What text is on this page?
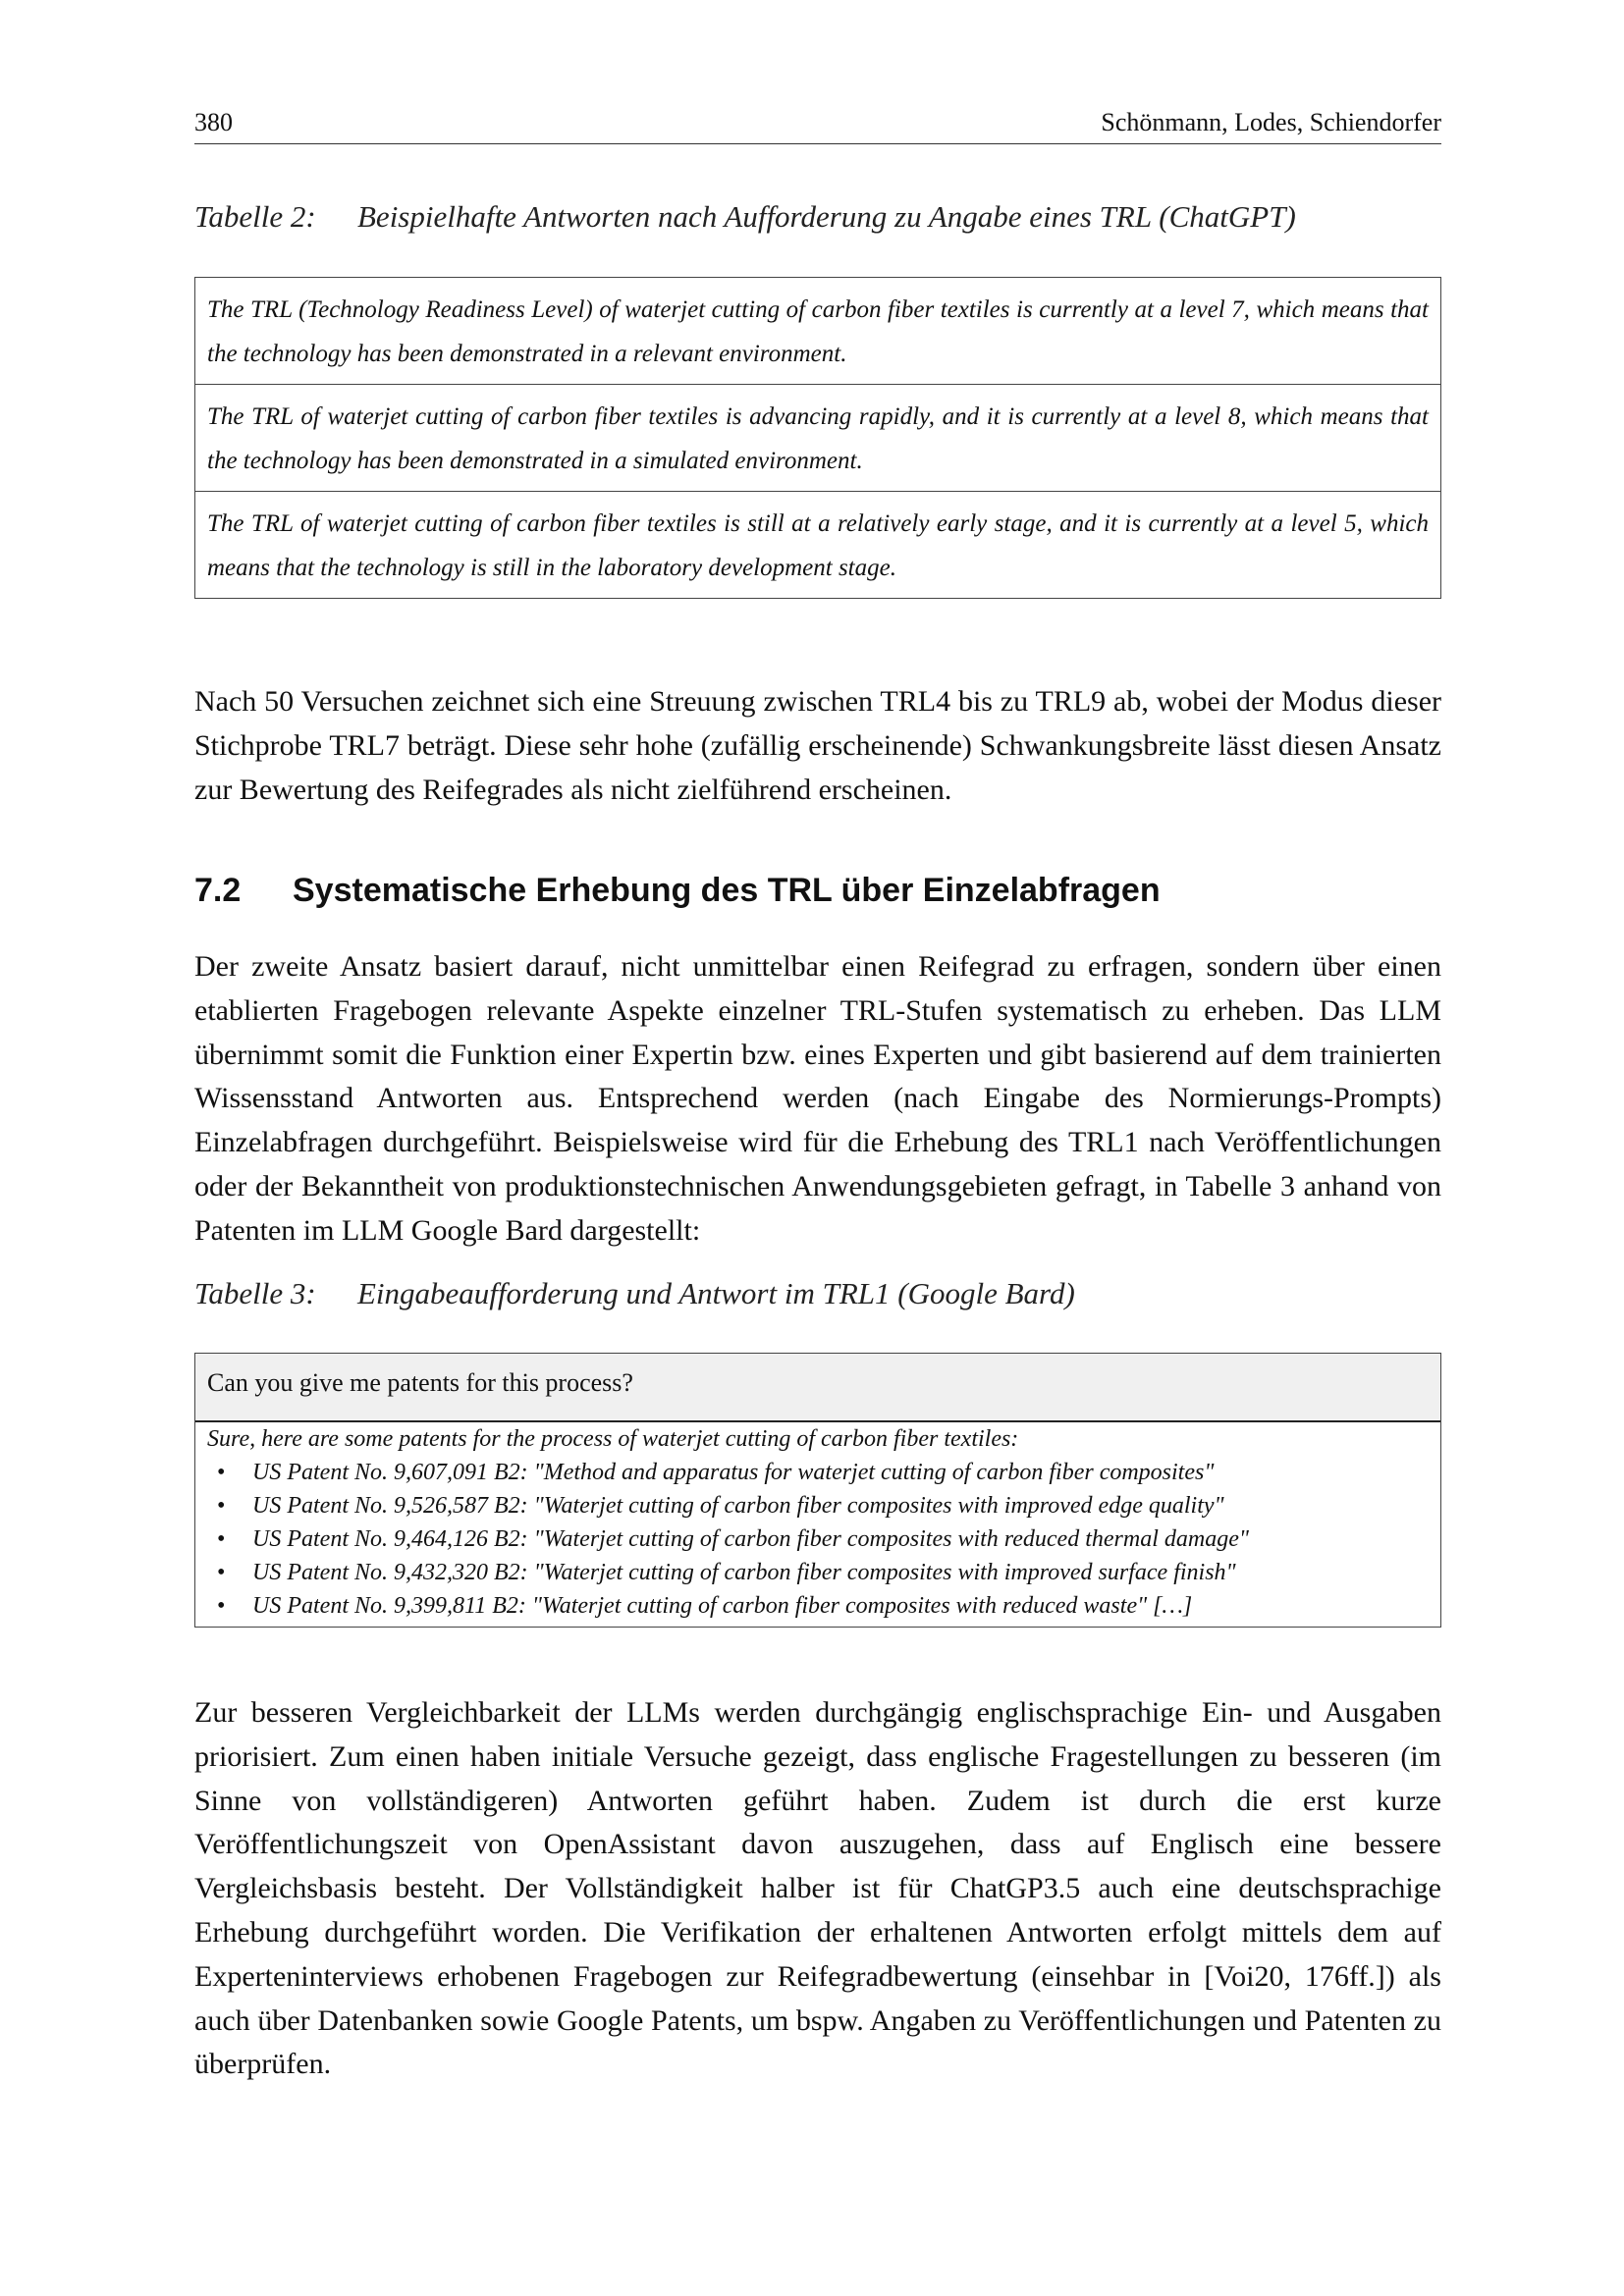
380	Schönmann, Lodes, Schiendorfer
Tabelle 2: Beispielhafte Antworten nach Aufforderung zu Angabe eines TRL (ChatGPT)
The TRL (Technology Readiness Level) of waterjet cutting of carbon fiber textiles is currently at a level 7, which means that the technology has been demonstrated in a relevant environment.
The TRL of waterjet cutting of carbon fiber textiles is advancing rapidly, and it is currently at a level 8, which means that the technology has been demonstrated in a simulated environment.
The TRL of waterjet cutting of carbon fiber textiles is still at a relatively early stage, and it is currently at a level 5, which means that the technology is still in the laboratory development stage.
Nach 50 Versuchen zeichnet sich eine Streuung zwischen TRL4 bis zu TRL9 ab, wobei der Modus dieser Stichprobe TRL7 beträgt. Diese sehr hohe (zufällig erscheinende) Schwankungsbreite lässt diesen Ansatz zur Bewertung des Reifegrades als nicht zielführend erscheinen.
7.2 Systematische Erhebung des TRL über Einzelabfragen
Der zweite Ansatz basiert darauf, nicht unmittelbar einen Reifegrad zu erfragen, sondern über einen etablierten Fragebogen relevante Aspekte einzelner TRL-Stufen systematisch zu erheben. Das LLM übernimmt somit die Funktion einer Expertin bzw. eines Experten und gibt basierend auf dem trainierten Wissensstand Antworten aus. Entsprechend werden (nach Eingabe des Normierungs-Prompts) Einzelabfragen durchgeführt. Beispielsweise wird für die Erhebung des TRL1 nach Veröffentlichungen oder der Bekanntheit von produktionstechnischen Anwendungsgebieten gefragt, in Tabelle 3 anhand von Patenten im LLM Google Bard dargestellt:
Tabelle 3: Eingabeaufforderung und Antwort im TRL1 (Google Bard)
Can you give me patents for this process?
Sure, here are some patents for the process of waterjet cutting of carbon fiber textiles:
• US Patent No. 9,607,091 B2: "Method and apparatus for waterjet cutting of carbon fiber composites"
• US Patent No. 9,526,587 B2: "Waterjet cutting of carbon fiber composites with improved edge quality"
• US Patent No. 9,464,126 B2: "Waterjet cutting of carbon fiber composites with reduced thermal damage"
• US Patent No. 9,432,320 B2: "Waterjet cutting of carbon fiber composites with improved surface finish"
• US Patent No. 9,399,811 B2: "Waterjet cutting of carbon fiber composites with reduced waste" […]
Zur besseren Vergleichbarkeit der LLMs werden durchgängig englischsprachige Ein- und Ausgaben priorisiert. Zum einen haben initiale Versuche gezeigt, dass englische Fragestellungen zu besseren (im Sinne von vollständigeren) Antworten geführt haben. Zudem ist durch die erst kurze Veröffentlichungszeit von OpenAssistant davon auszugehen, dass auf Englisch eine bessere Vergleichsbasis besteht. Der Vollständigkeit halber ist für ChatGP3.5 auch eine deutschsprachige Erhebung durchgeführt worden. Die Verifikation der erhaltenen Antworten erfolgt mittels dem auf Experteninterviews erhobenen Fragebogen zur Reifegradbewertung (einsehbar in [Voi20, 176ff.]) als auch über Datenbanken sowie Google Patents, um bspw. Angaben zu Veröffentlichungen und Patenten zu überprüfen.
